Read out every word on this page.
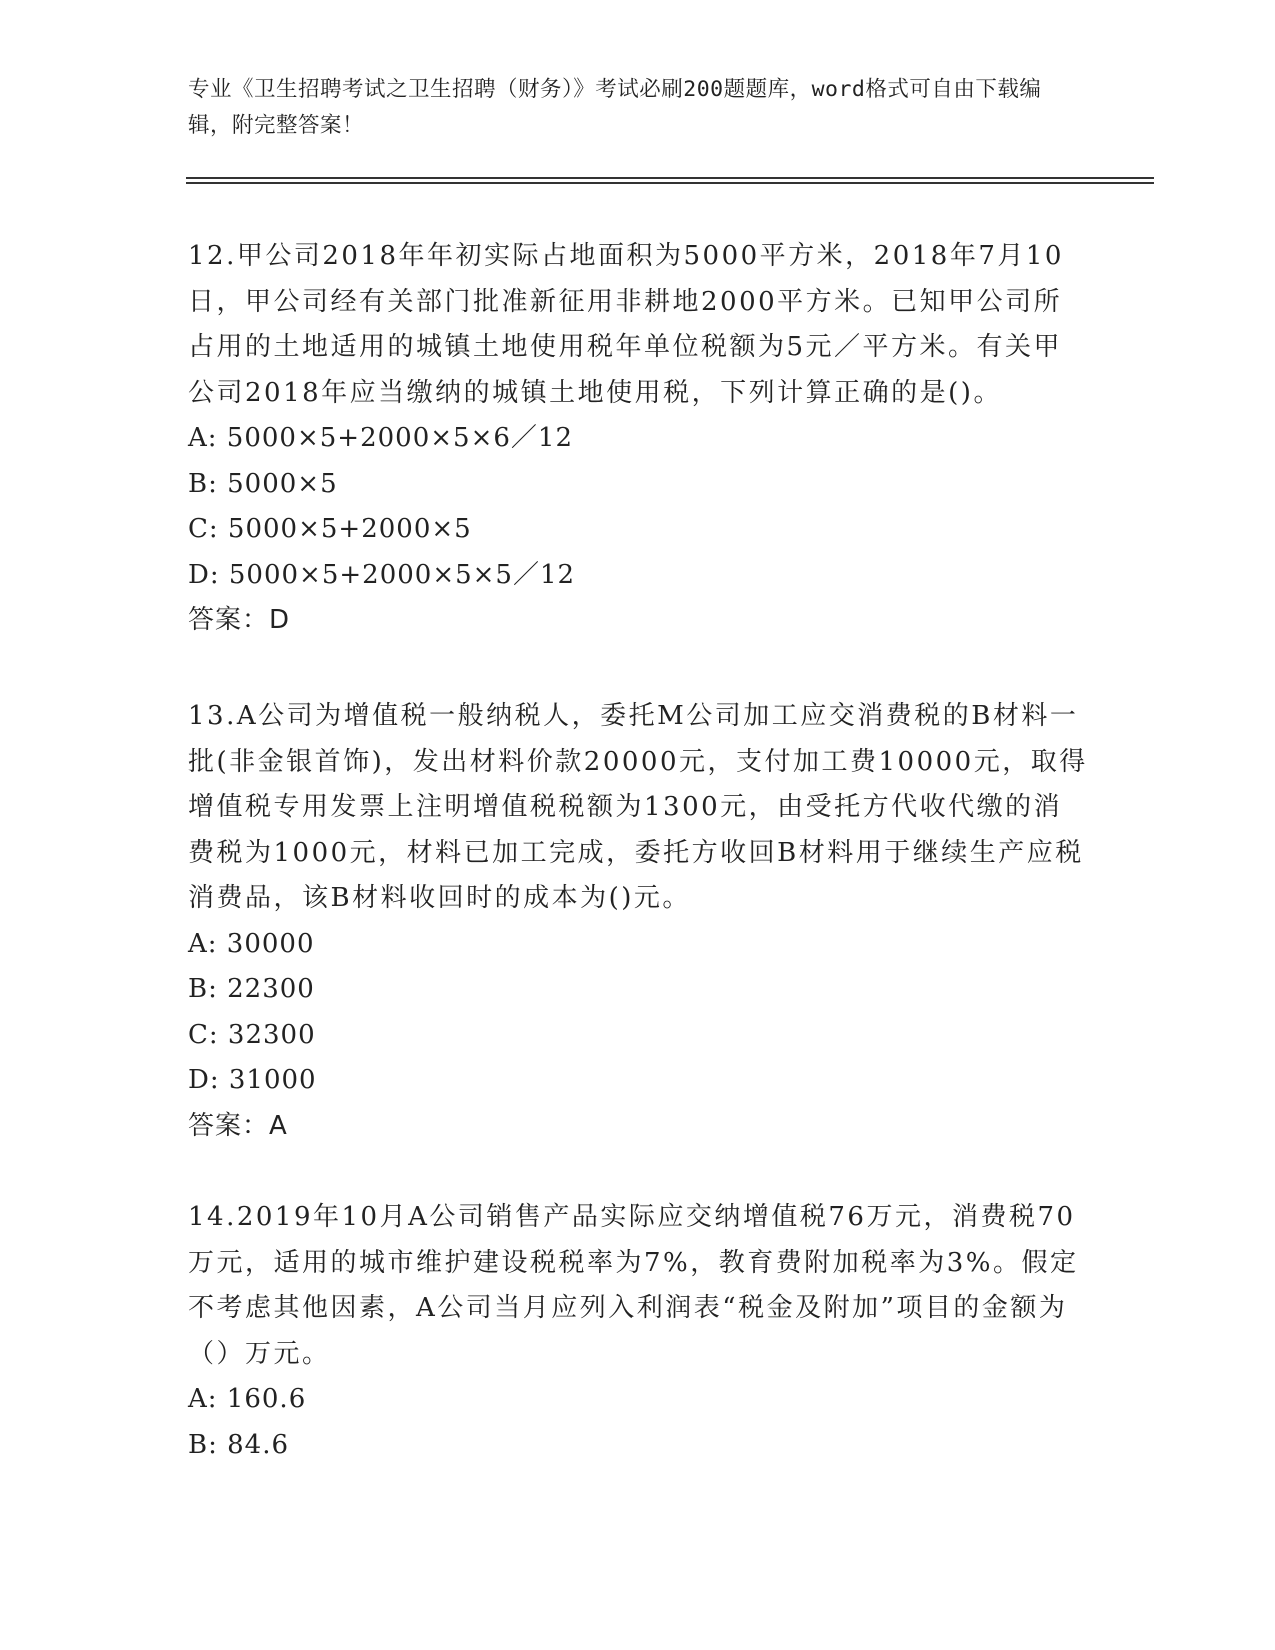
专业《卫生招聘考试之卫生招聘（财务）》考试必刷200题题库，word格式可自由下载编辑，附完整答案！
12.甲公司2018年年初实际占地面积为5000平方米，2018年7月10日，甲公司经有关部门批准新征用非耕地2000平方米。已知甲公司所占用的土地适用的城镇土地使用税年单位税额为5元／平方米。有关甲公司2018年应当缴纳的城镇土地使用税，下列计算正确的是()。
A: 5000×5+2000×5×6／12
B: 5000×5
C: 5000×5+2000×5
D: 5000×5+2000×5×5／12
答案：D
13.A公司为增值税一般纳税人，委托M公司加工应交消费税的B材料一批(非金银首饰)，发出材料价款20000元，支付加工费10000元，取得增值税专用发票上注明增值税税额为1300元，由受托方代收代缴的消费税为1000元，材料已加工完成，委托方收回B材料用于继续生产应税消费品，该B材料收回时的成本为()元。
A: 30000
B: 22300
C: 32300
D: 31000
答案：A
14.2019年10月A公司销售产品实际应交纳增值税76万元，消费税70万元，适用的城市维护建设税税率为7%，教育费附加税率为3%。假定不考虑其他因素，A公司当月应列入利润表“税金及附加”项目的金额为（）万元。
A: 160.6
B: 84.6
